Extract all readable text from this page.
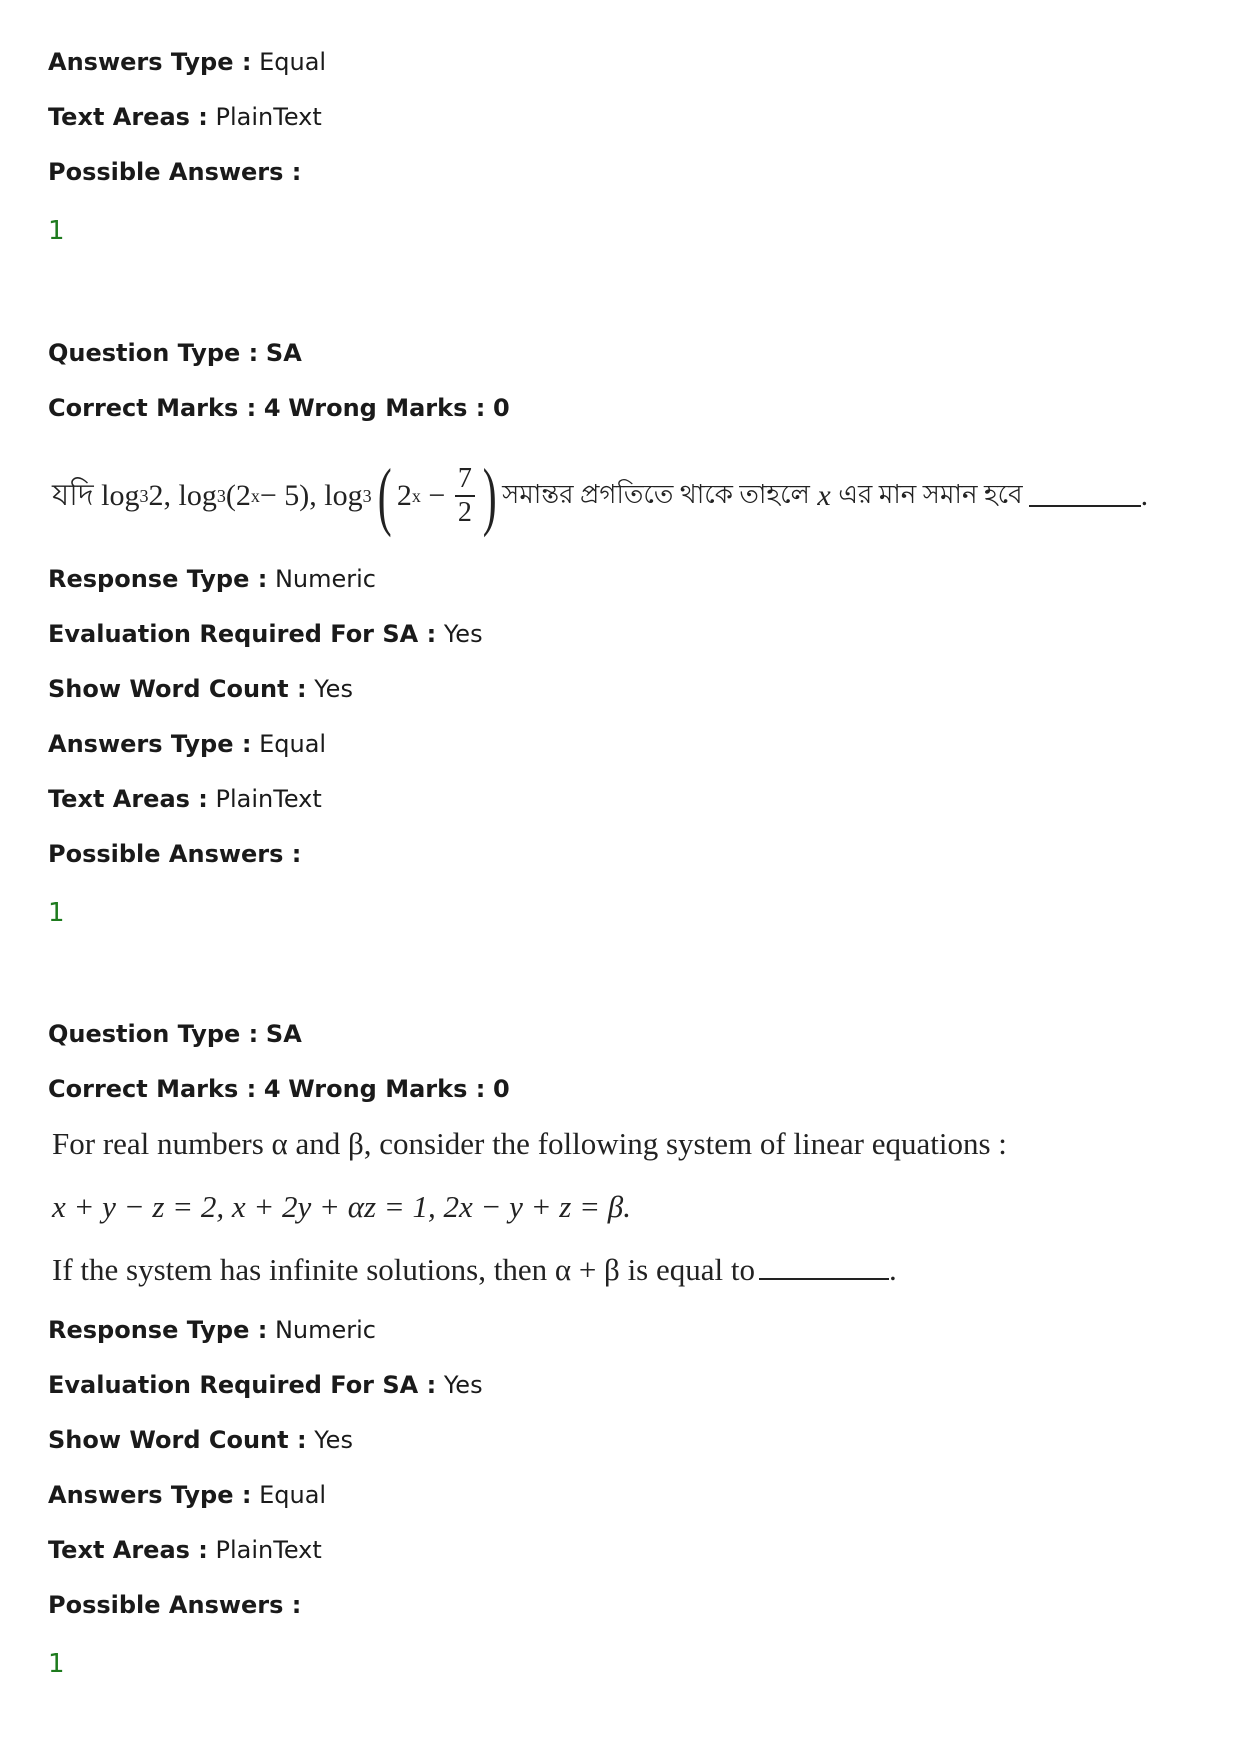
Answers Type : Equal
Text Areas : PlainText
Possible Answers :
1
Question Type : SA
Correct Marks : 4 Wrong Marks : 0
যদি
log 3 2,
log 3 (2 x − 5),
log 3 ( 2 x
−
$\frac{7}{2}$ ) সমান্তর প্রগতিতে থাকে তাহলে
x
এর মান সমান হবে	.
Response Type : Numeric
Evaluation Required For SA : Yes
Show Word Count : Yes
Answers Type : Equal
Text Areas : PlainText
Possible Answers :
1
Question Type : SA
Correct Marks : 4 Wrong Marks : 0
For real numbers α and β, consider the following system of linear equations :
x + y − z = 2, x + 2y + αz = 1, 2x − y + z = β.
If the system has infinite solutions, then α + β is equal to	.
Response Type : Numeric
Evaluation Required For SA : Yes
Show Word Count : Yes
Answers Type : Equal
Text Areas : PlainText
Possible Answers :
1
